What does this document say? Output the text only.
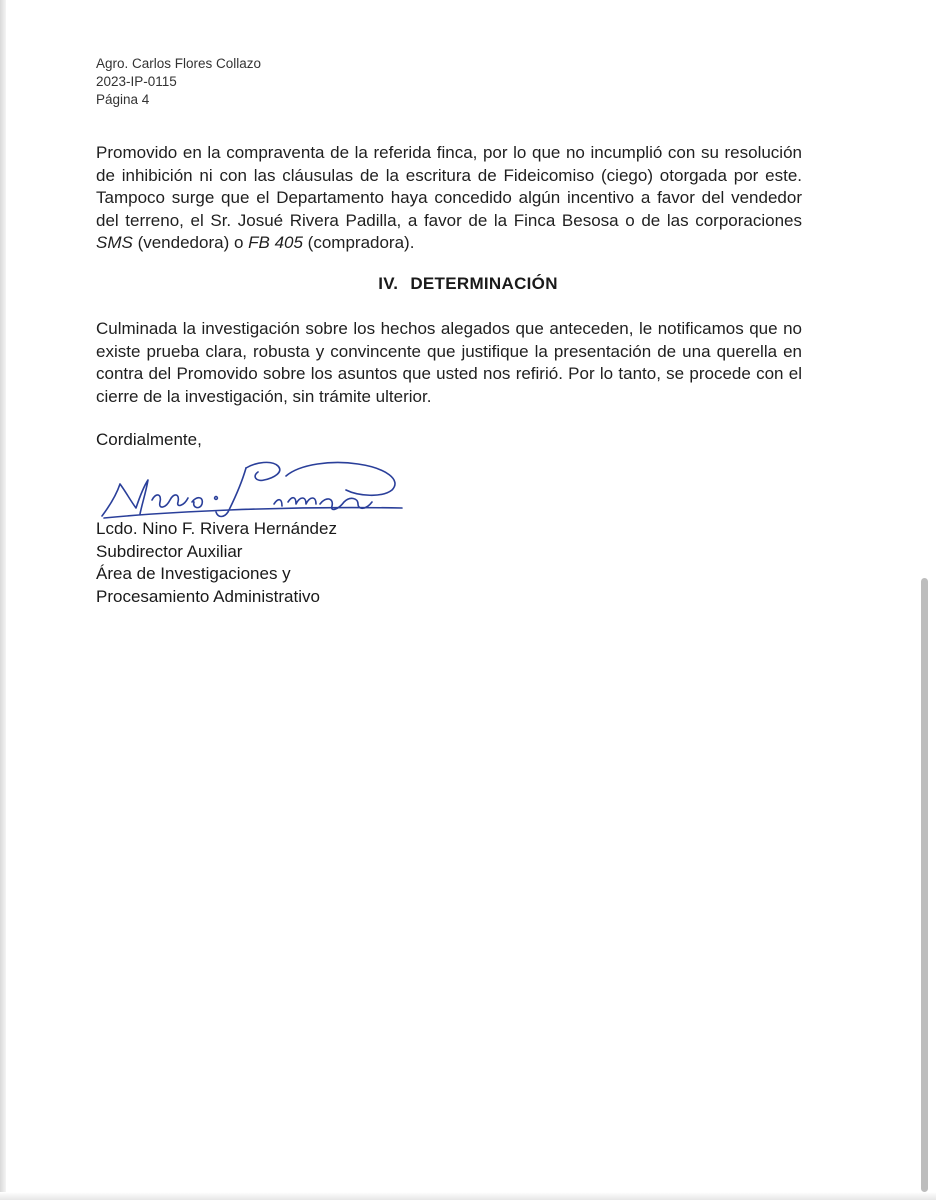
Agro. Carlos Flores Collazo
2023-IP-0115
Página 4
Promovido en la compraventa de la referida finca, por lo que no incumplió con su resolución de inhibición ni con las cláusulas de la escritura de Fideicomiso (ciego) otorgada por este. Tampoco surge que el Departamento haya concedido algún incentivo a favor del vendedor del terreno, el Sr. Josué Rivera Padilla, a favor de la Finca Besosa o de las corporaciones SMS (vendedora) o FB 405 (compradora).
IV. DETERMINACIÓN
Culminada la investigación sobre los hechos alegados que anteceden, le notificamos que no existe prueba clara, robusta y convincente que justifique la presentación de una querella en contra del Promovido sobre los asuntos que usted nos refirió. Por lo tanto, se procede con el cierre de la investigación, sin trámite ulterior.
Cordialmente,
Lcdo. Nino F. Rivera Hernández
Subdirector Auxiliar
Área de Investigaciones y
Procesamiento Administrativo
